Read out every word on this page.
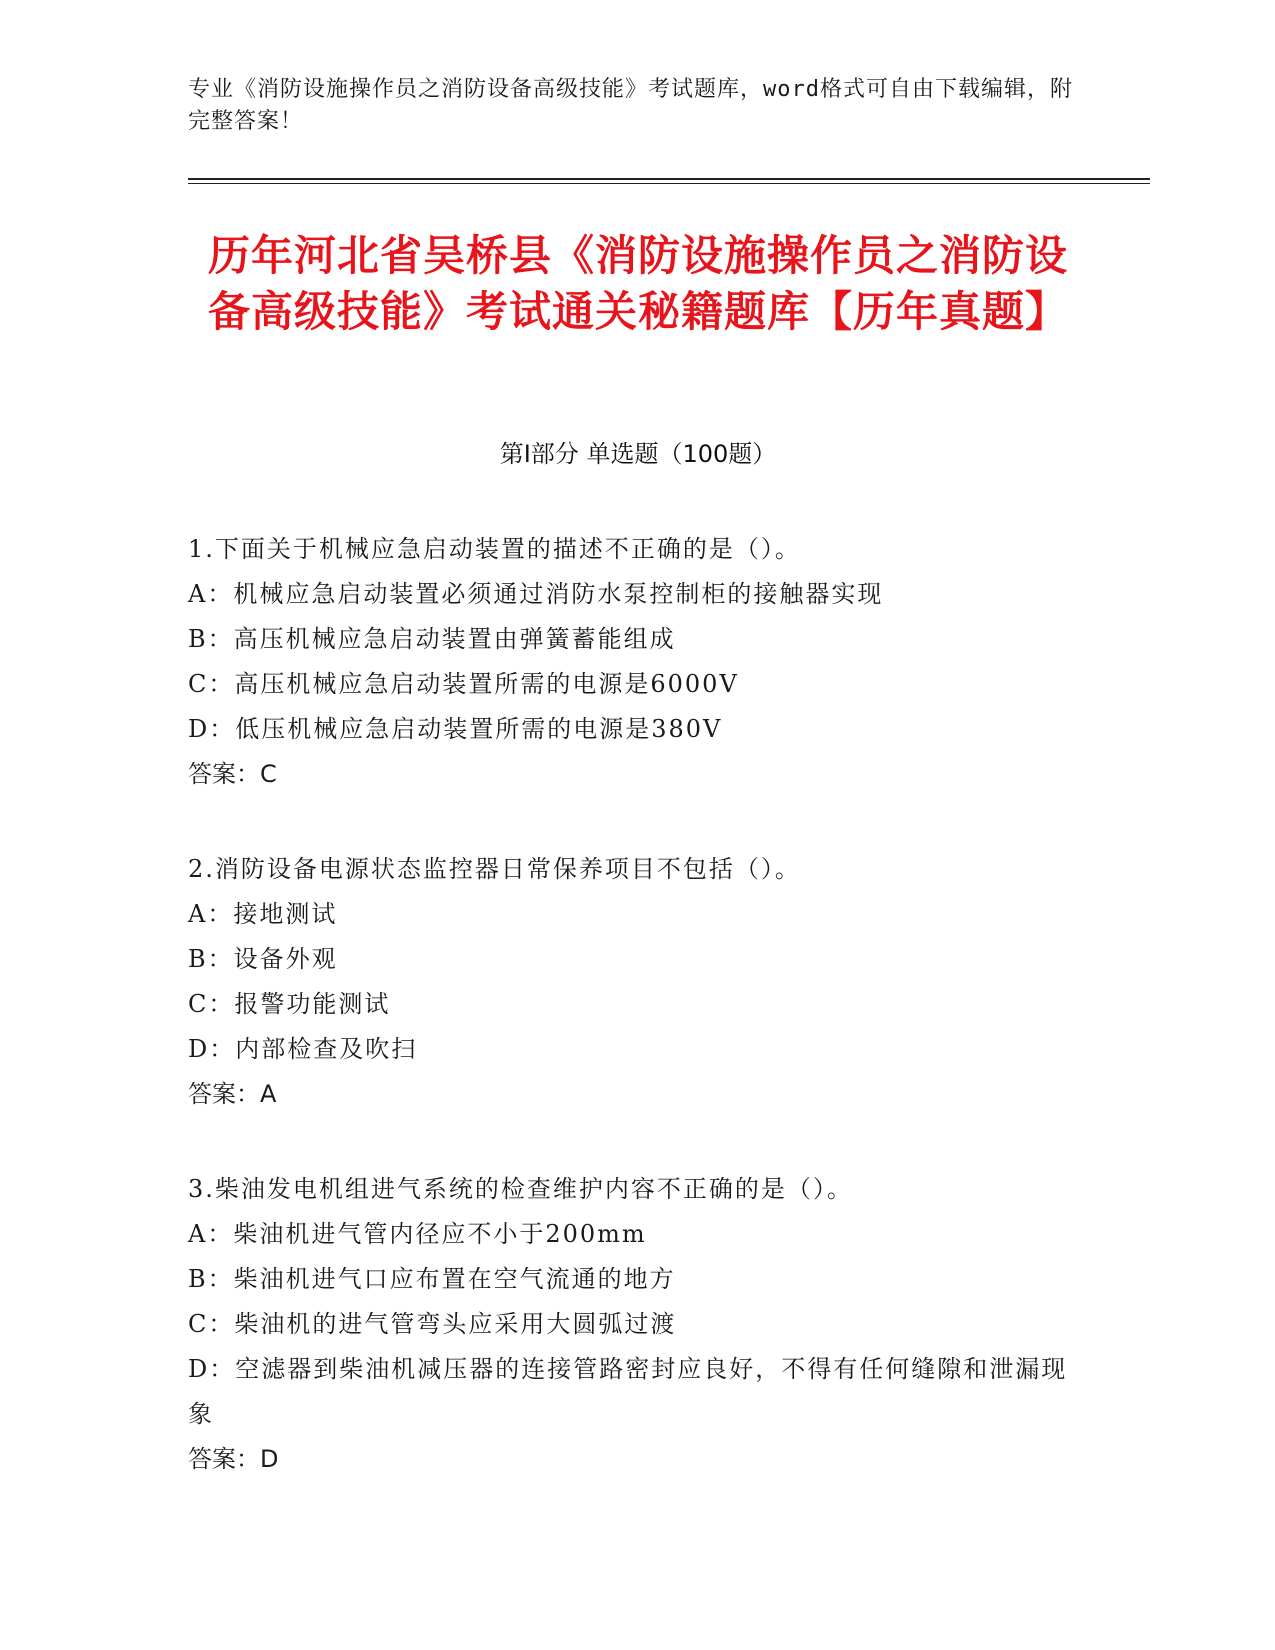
专业《消防设施操作员之消防设备高级技能》考试题库，word格式可自由下载编辑，附完整答案！
历年河北省吴桥县《消防设施操作员之消防设备高级技能》考试通关秘籍题库【历年真题】
第I部分 单选题（100题）

1.下面关于机械应急启动装置的描述不正确的是（）。

A：机械应急启动装置必须通过消防水泵控制柜的接触器实现

B：高压机械应急启动装置由弹簧蓄能组成

C：高压机械应急启动装置所需的电源是6000V

D：低压机械应急启动装置所需的电源是380V

答案：C

2.消防设备电源状态监控器日常保养项目不包括（）。

A：接地测试

B：设备外观

C：报警功能测试

D：内部检查及吹扫

答案：A

3.柴油发电机组进气系统的检查维护内容不正确的是（）。

A：柴油机进气管内径应不小于200mm

B：柴油机进气口应布置在空气流通的地方

C：柴油机的进气管弯头应采用大圆弧过渡

D：空滤器到柴油机减压器的连接管路密封应良好，不得有任何缝隙和泄漏现象

答案：D
